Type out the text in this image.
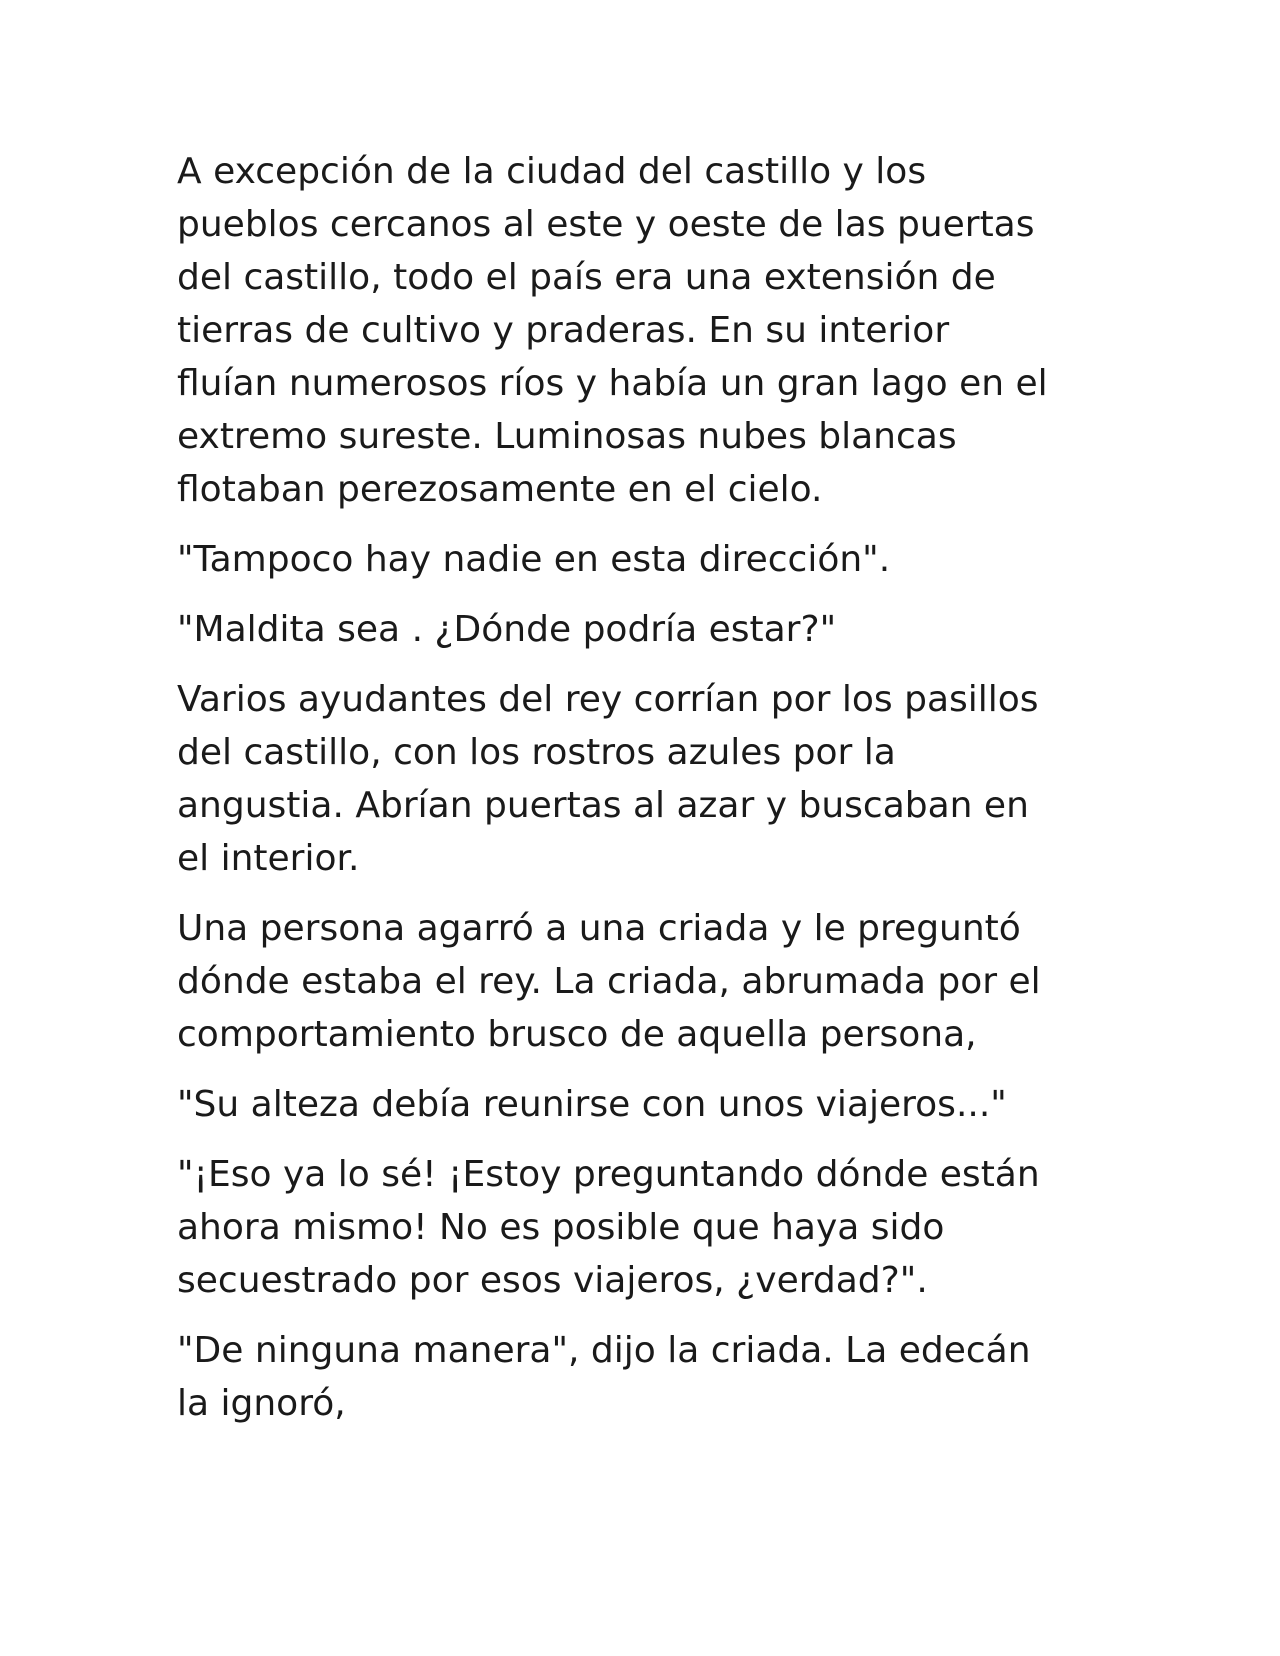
A excepción de la ciudad del castillo y los
pueblos cercanos al este y oeste de las puertas
del castillo, todo el país era una extensión de
tierras de cultivo y praderas. En su interior
fluían numerosos ríos y había un gran lago en el
extremo sureste. Luminosas nubes blancas
flotaban perezosamente en el cielo.

"Tampoco hay nadie en esta dirección".

"Maldita sea . ¿Dónde podría estar?"

Varios ayudantes del rey corrían por los pasillos
del castillo, con los rostros azules por la
angustia. Abrían puertas al azar y buscaban en
el interior.

Una persona agarró a una criada y le preguntó
dónde estaba el rey. La criada, abrumada por el
comportamiento brusco de aquella persona,

"Su alteza debía reunirse con unos viajeros..."

"¡Eso ya lo sé! ¡Estoy preguntando dónde están
ahora mismo! No es posible que haya sido
secuestrado por esos viajeros, ¿verdad?".

"De ninguna manera", dijo la criada. La edecán
la ignoró,
